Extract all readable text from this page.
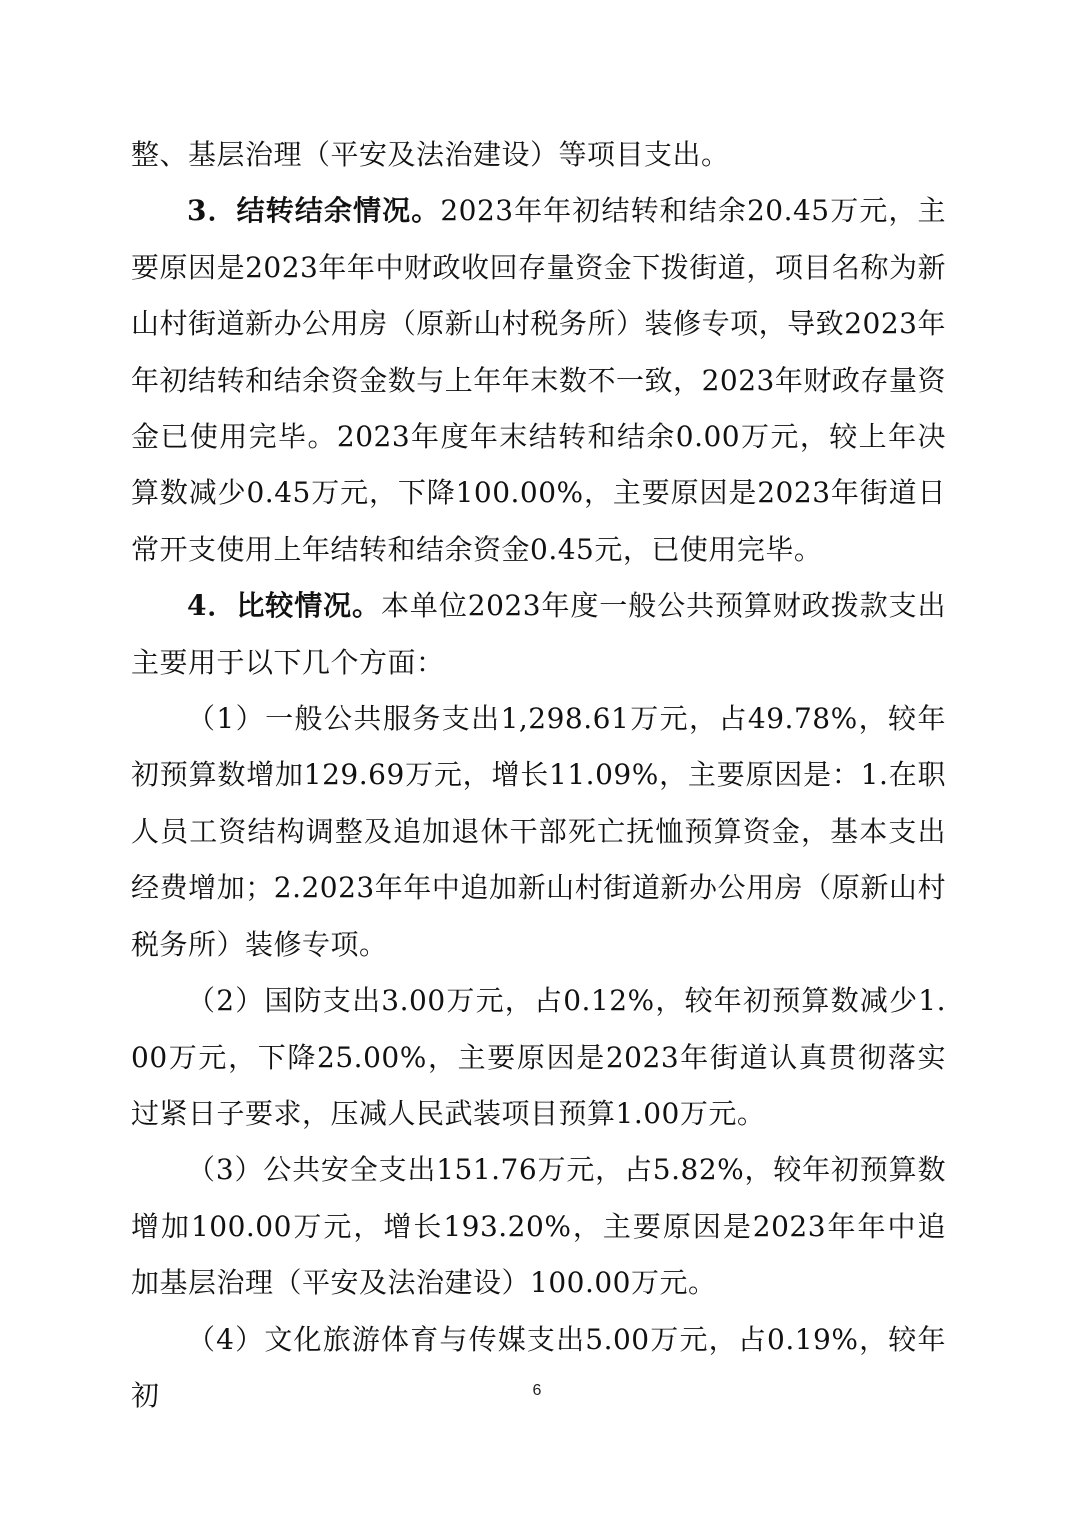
整、基层治理（平安及法治建设）等项目支出。

3．结转结余情况。2023年年初结转和结余20.45万元，主要原因是2023年年中财政收回存量资金下拨街道，项目名称为新山村街道新办公用房（原新山村税务所）装修专项，导致2023年年初结转和结余资金数与上年年末数不一致，2023年财政存量资金已使用完毕。2023年度年末结转和结余0.00万元，较上年决算数减少0.45万元，下降100.00%，主要原因是2023年街道日常开支使用上年结转和结余资金0.45元，已使用完毕。

4．比较情况。本单位2023年度一般公共预算财政拨款支出主要用于以下几个方面：

（1）一般公共服务支出1,298.61万元，占49.78%，较年初预算数增加129.69万元，增长11.09%，主要原因是：1.在职人员工资结构调整及追加退休干部死亡抚恤预算资金，基本支出经费增加；2.2023年年中追加新山村街道新办公用房（原新山村税务所）装修专项。

（2）国防支出3.00万元，占0.12%，较年初预算数减少1.00万元，下降25.00%，主要原因是2023年街道认真贯彻落实过紧日子要求，压减人民武装项目预算1.00万元。

（3）公共安全支出151.76万元，占5.82%，较年初预算数增加100.00万元，增长193.20%，主要原因是2023年年中追加基层治理（平安及法治建设）100.00万元。

（4）文化旅游体育与传媒支出5.00万元，占0.19%，较年初	6
